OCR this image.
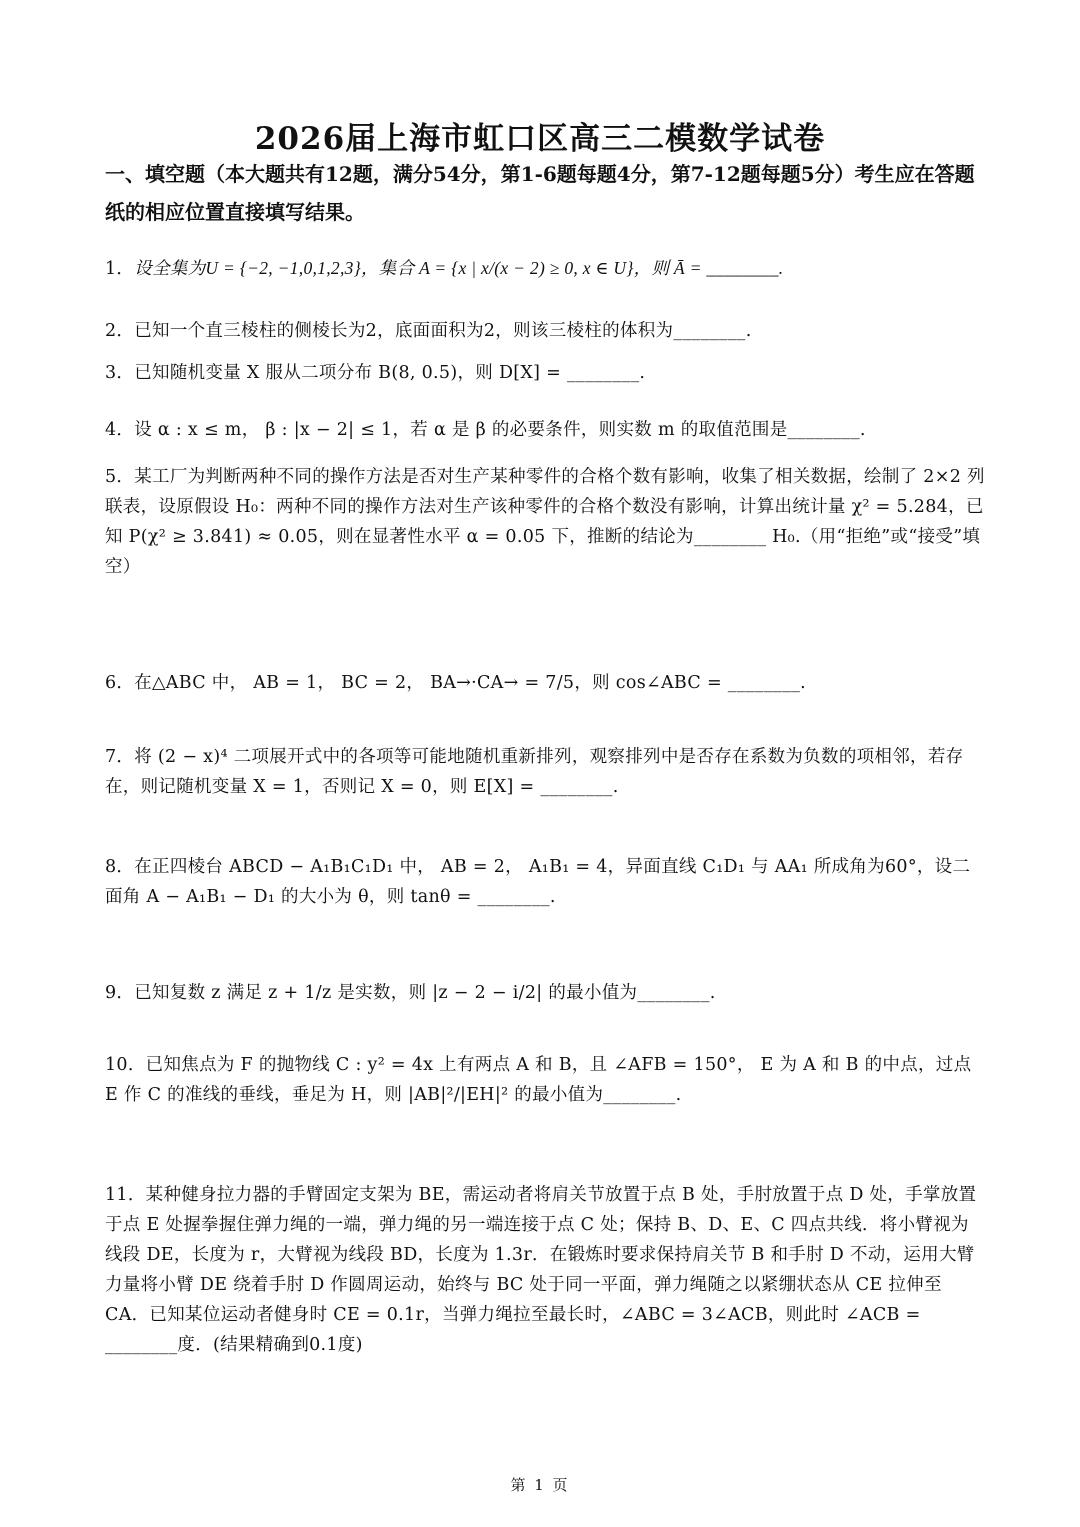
2026届上海市虹口区高三二模数学试卷
一、填空题（本大题共有12题，满分54分，第1-6题每题4分，第7-12题每题5分）考生应在答题纸的相应位置直接填写结果。
1．设全集为U = {−2, −1,0,1,2,3}，集合 A = {x | x/(x − 2) ≥ 0, x ∈ U}，则 Ā = ________.
2．已知一个直三棱柱的侧棱长为2，底面面积为2，则该三棱柱的体积为________.
3．已知随机变量 X 服从二项分布 B(8, 0.5)，则 D[X] = ________.
4．设 α : x ≤ m， β : |x − 2| ≤ 1，若 α 是 β 的必要条件，则实数 m 的取值范围是________.
5．某工厂为判断两种不同的操作方法是否对生产某种零件的合格个数有影响，收集了相关数据，绘制了 2×2 列联表，设原假设 H₀：两种不同的操作方法对生产该种零件的合格个数没有影响，计算出统计量 χ² = 5.284，已知 P(χ² ≥ 3.841) ≈ 0.05，则在显著性水平 α = 0.05 下，推断的结论为________ H₀.（用“拒绝”或“接受”填空）
6．在△ABC 中， AB = 1， BC = 2， BA→·CA→ = 7/5，则 cos∠ABC = ________.
7．将 (2 − x)⁴ 二项展开式中的各项等可能地随机重新排列，观察排列中是否存在系数为负数的项相邻，若存在，则记随机变量 X = 1，否则记 X = 0，则 E[X] = ________.
8．在正四棱台 ABCD − A₁B₁C₁D₁ 中， AB = 2， A₁B₁ = 4，异面直线 C₁D₁ 与 AA₁ 所成角为60°，设二面角 A − A₁B₁ − D₁ 的大小为 θ，则 tanθ = ________.
9．已知复数 z 满足 z + 1/z 是实数，则 |z − 2 − i/2| 的最小值为________.
10．已知焦点为 F 的抛物线 C : y² = 4x 上有两点 A 和 B，且 ∠AFB = 150°， E 为 A 和 B 的中点，过点 E 作 C 的准线的垂线，垂足为 H，则 |AB|²/|EH|² 的最小值为________.
11．某种健身拉力器的手臂固定支架为 BE，需运动者将肩关节放置于点 B 处，手肘放置于点 D 处，手掌放置于点 E 处握拳握住弹力绳的一端，弹力绳的另一端连接于点 C 处；保持 B、D、E、C 四点共线．将小臂视为线段 DE，长度为 r，大臂视为线段 BD，长度为 1.3r．在锻炼时要求保持肩关节 B 和手肘 D 不动，运用大臂力量将小臂 DE 绕着手肘 D 作圆周运动，始终与 BC 处于同一平面，弹力绳随之以紧绷状态从 CE 拉伸至 CA．已知某位运动者健身时 CE = 0.1r，当弹力绳拉至最长时，∠ABC = 3∠ACB，则此时 ∠ACB = ________度．(结果精确到0.1度)
第 1 页
